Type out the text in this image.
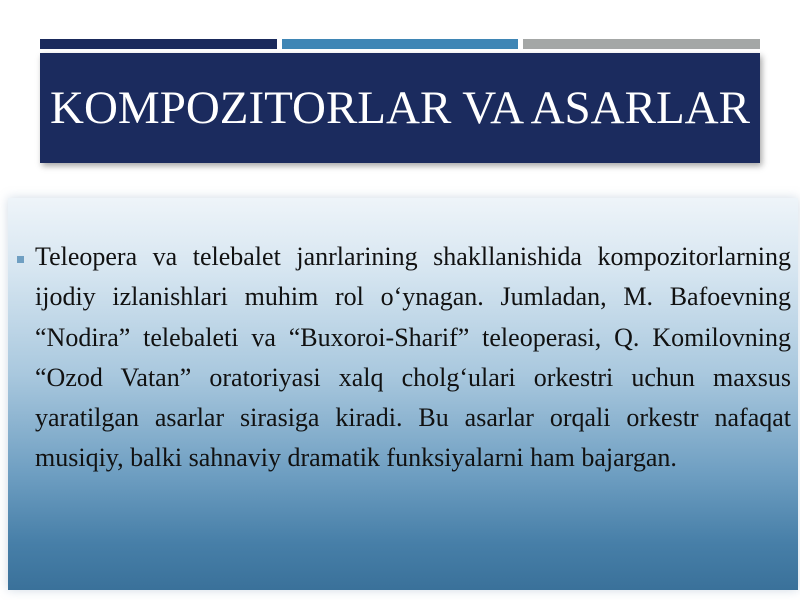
KOMPOZITORLAR VA ASARLAR

Teleopera va telebalet janrlarining shakllanishida kompozitorlarning ijodiy izlanishlari muhim rol o‘ynagan. Jumladan, M. Bafoevning “Nodira” telebaleti va “Buxoroi-Sharif” teleoperasi, Q. Komilovning “Ozod Vatan” oratoriyasi xalq cholg‘ulari orkestri uchun maxsus yaratilgan asarlar sirasiga kiradi. Bu asarlar orqali orkestr nafaqat musiqiy, balki sahnaviy dramatik funksiyalarni ham bajargan.
